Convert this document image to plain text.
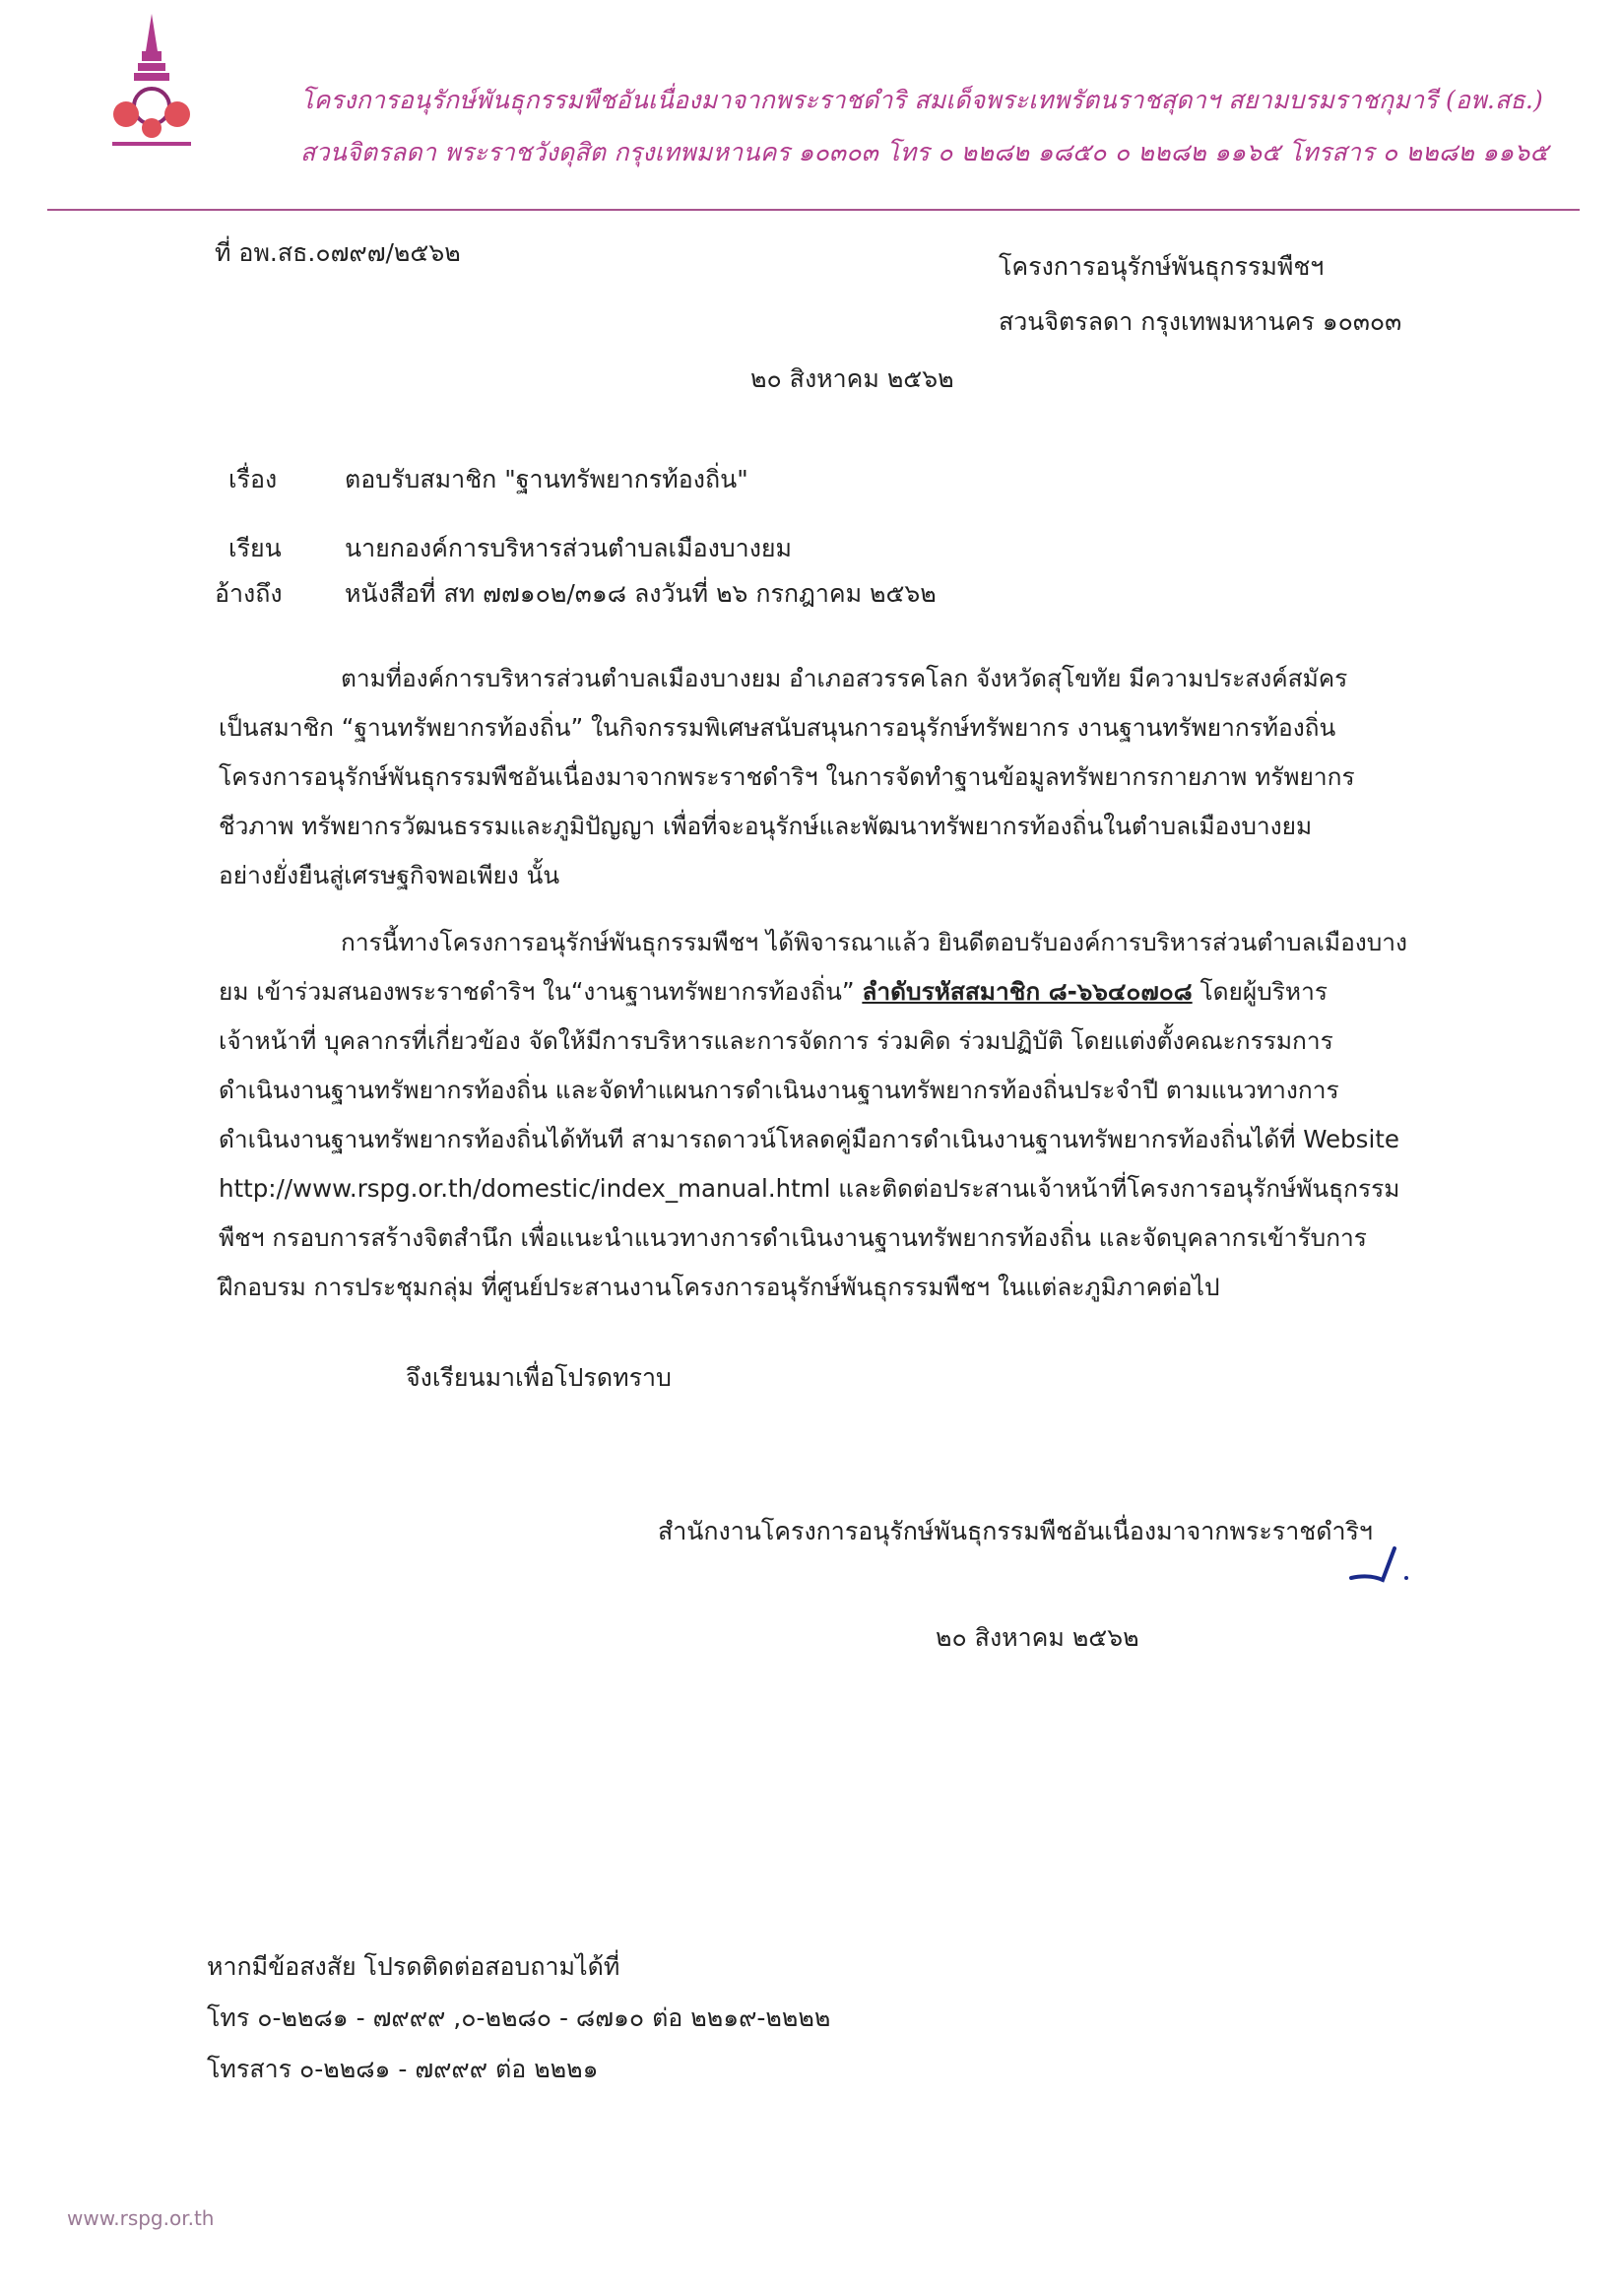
โครงการอนุรักษ์พันธุกรรมพืชอันเนื่องมาจากพระราชดำริ สมเด็จพระเทพรัตนราชสุดาฯ สยามบรมราชกุมารี (อพ.สธ.)
สวนจิตรลดา พระราชวังดุสิต กรุงเทพมหานคร ๑๐๓๐๓ โทร ๐ ๒๒๘๒ ๑๘๕๐ ๐ ๒๒๘๒ ๑๑๖๕ โทรสาร ๐ ๒๒๘๒ ๑๑๖๕
ที่ อพ.สธ.๐๗๙๗/๒๕๖๒	โครงการอนุรักษ์พันธุกรรมพืชฯ
สวนจิตรลดา กรุงเทพมหานคร ๑๐๓๐๓
๒๐ สิงหาคม ๒๕๖๒
เรื่อง	ตอบรับสมาชิก "ฐานทรัพยากรท้องถิ่น"
เรียน	นายกองค์การบริหารส่วนตำบลเมืองบางยม
อ้างถึง	หนังสือที่ สท ๗๗๑๐๒/๓๑๘ ลงวันที่ ๒๖ กรกฎาคม ๒๕๖๒
ตามที่องค์การบริหารส่วนตำบลเมืองบางยม อำเภอสวรรคโลก จังหวัดสุโขทัย มีความประสงค์สมัคร
เป็นสมาชิก “ฐานทรัพยากรท้องถิ่น” ในกิจกรรมพิเศษสนับสนุนการอนุรักษ์ทรัพยากร งานฐานทรัพยากรท้องถิ่น
โครงการอนุรักษ์พันธุกรรมพืชอันเนื่องมาจากพระราชดำริฯ ในการจัดทำฐานข้อมูลทรัพยากรกายภาพ ทรัพยากร
ชีวภาพ ทรัพยากรวัฒนธรรมและภูมิปัญญา เพื่อที่จะอนุรักษ์และพัฒนาทรัพยากรท้องถิ่นในตำบลเมืองบางยม
อย่างยั่งยืนสู่เศรษฐกิจพอเพียง นั้น
การนี้ทางโครงการอนุรักษ์พันธุกรรมพืชฯ ได้พิจารณาแล้ว ยินดีตอบรับองค์การบริหารส่วนตำบลเมืองบาง
ยม เข้าร่วมสนองพระราชดำริฯ ใน“งานฐานทรัพยากรท้องถิ่น” ลำดับรหัสสมาชิก ๘-๖๖๔๐๗๐๘ โดยผู้บริหาร
เจ้าหน้าที่ บุคลากรที่เกี่ยวข้อง จัดให้มีการบริหารและการจัดการ ร่วมคิด ร่วมปฏิบัติ โดยแต่งตั้งคณะกรรมการ
ดำเนินงานฐานทรัพยากรท้องถิ่น และจัดทำแผนการดำเนินงานฐานทรัพยากรท้องถิ่นประจำปี ตามแนวทางการ
ดำเนินงานฐานทรัพยากรท้องถิ่นได้ทันที สามารถดาวน์โหลดคู่มือการดำเนินงานฐานทรัพยากรท้องถิ่นได้ที่ Website
http://www.rspg.or.th/domestic/index_manual.html และติดต่อประสานเจ้าหน้าที่โครงการอนุรักษ์พันธุกรรม
พืชฯ กรอบการสร้างจิตสำนึก เพื่อแนะนำแนวทางการดำเนินงานฐานทรัพยากรท้องถิ่น และจัดบุคลากรเข้ารับการ
ฝึกอบรม การประชุมกลุ่ม ที่ศูนย์ประสานงานโครงการอนุรักษ์พันธุกรรมพืชฯ ในแต่ละภูมิภาคต่อไป
จึงเรียนมาเพื่อโปรดทราบ
สำนักงานโครงการอนุรักษ์พันธุกรรมพืชอันเนื่องมาจากพระราชดำริฯ
๒๐ สิงหาคม ๒๕๖๒
หากมีข้อสงสัย โปรดติดต่อสอบถามได้ที่
โทร ๐-๒๒๘๑ - ๗๙๙๙ ,๐-๒๒๘๐ - ๘๗๑๐ ต่อ ๒๒๑๙-๒๒๒๒
โทรสาร ๐-๒๒๘๑ - ๗๙๙๙ ต่อ ๒๒๒๑
www.rspg.or.th
